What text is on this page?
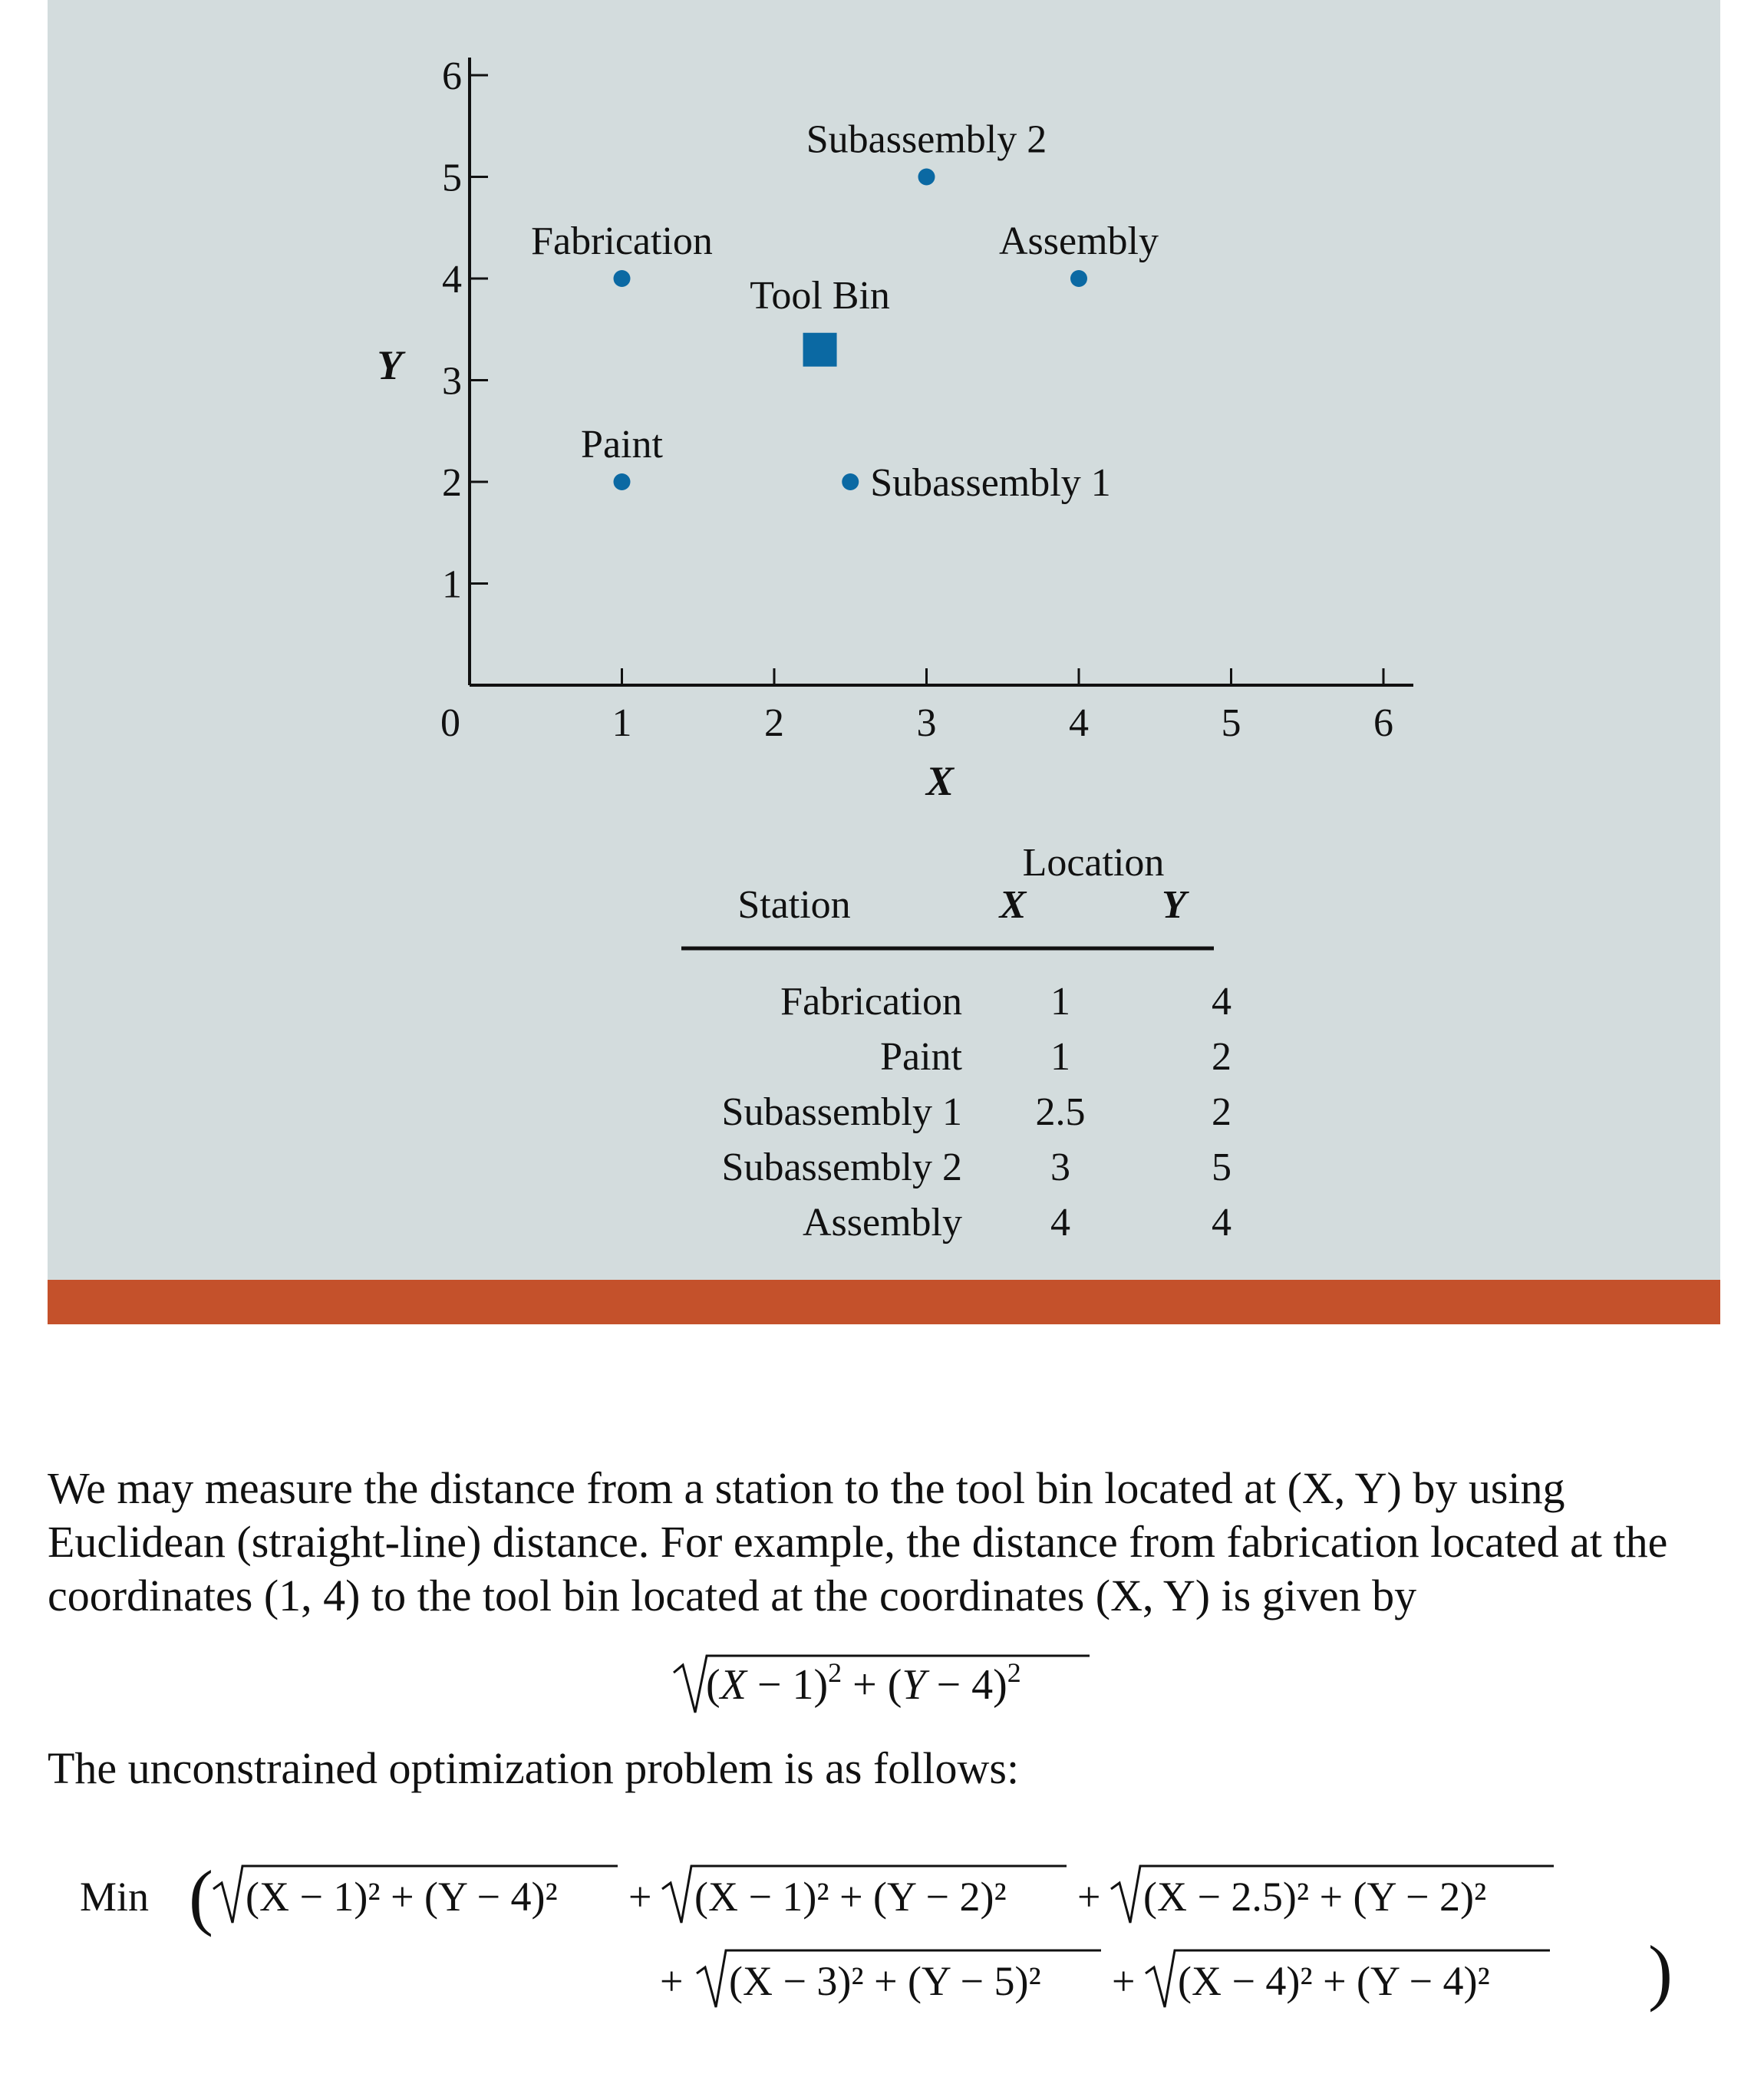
0	1	2	3	4	5	6
1
2
3
4
5
6
Fabrication
Paint
Subassembly 1
Subassembly 2
Assembly
Tool Bin
X
Y
Location
Station	X	Y
Fabrication 1	4
Paint 1	2
Subassembly 1 2.5	2
Subassembly 2 3	5
Assembly 4	4

We may measure the distance from a station to the tool bin located at (X, Y) by using Euclidean (straight-line) distance. For example, the distance from fabrication located at the coordinates (1, 4) to the tool bin located at the coordinates (X, Y) is given by

$(X - 1)^2 + (Y - 4)^2$

The unconstrained optimization problem is as follows:

Min (
)
(X − 1)² + (Y − 4)² + (X − 1)² + (Y − 2)² + (X − 2.5)² + (Y − 2)²
+ (X − 3)² + (Y − 5)² + (X − 4)² + (Y − 4)²
